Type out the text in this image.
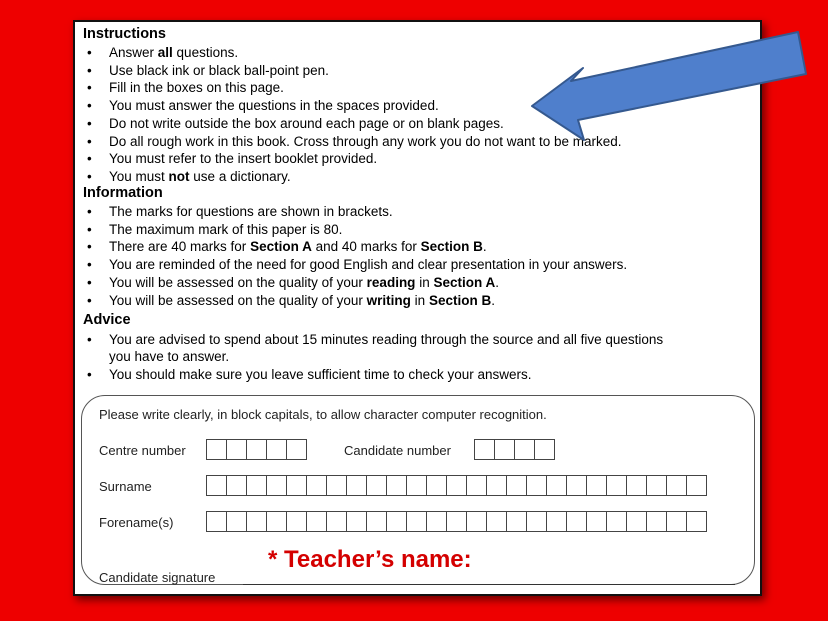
Instructions
• Answer all questions.
• Use black ink or black ball-point pen.
• Fill in the boxes on this page.
• You must answer the questions in the spaces provided.
• Do not write outside the box around each page or on blank pages.
• Do all rough work in this book. Cross through any work you do not want to be marked.
• You must refer to the insert booklet provided.
• You must not use a dictionary.
Information
• The marks for questions are shown in brackets.
• The maximum mark of this paper is 80.
• There are 40 marks for Section A and 40 marks for Section B.
• You are reminded of the need for good English and clear presentation in your answers.
• You will be assessed on the quality of your reading in Section A.
• You will be assessed on the quality of your writing in Section B.
Advice
• You are advised to spend about 15 minutes reading through the source and all five questions
you have to answer.
• You should make sure you leave sufficient time to check your answers.
Please write clearly, in block capitals, to allow character computer recognition.
Centre number	Candidate number
Surname
Forename(s)
* Teacher’s name:
Candidate signature
